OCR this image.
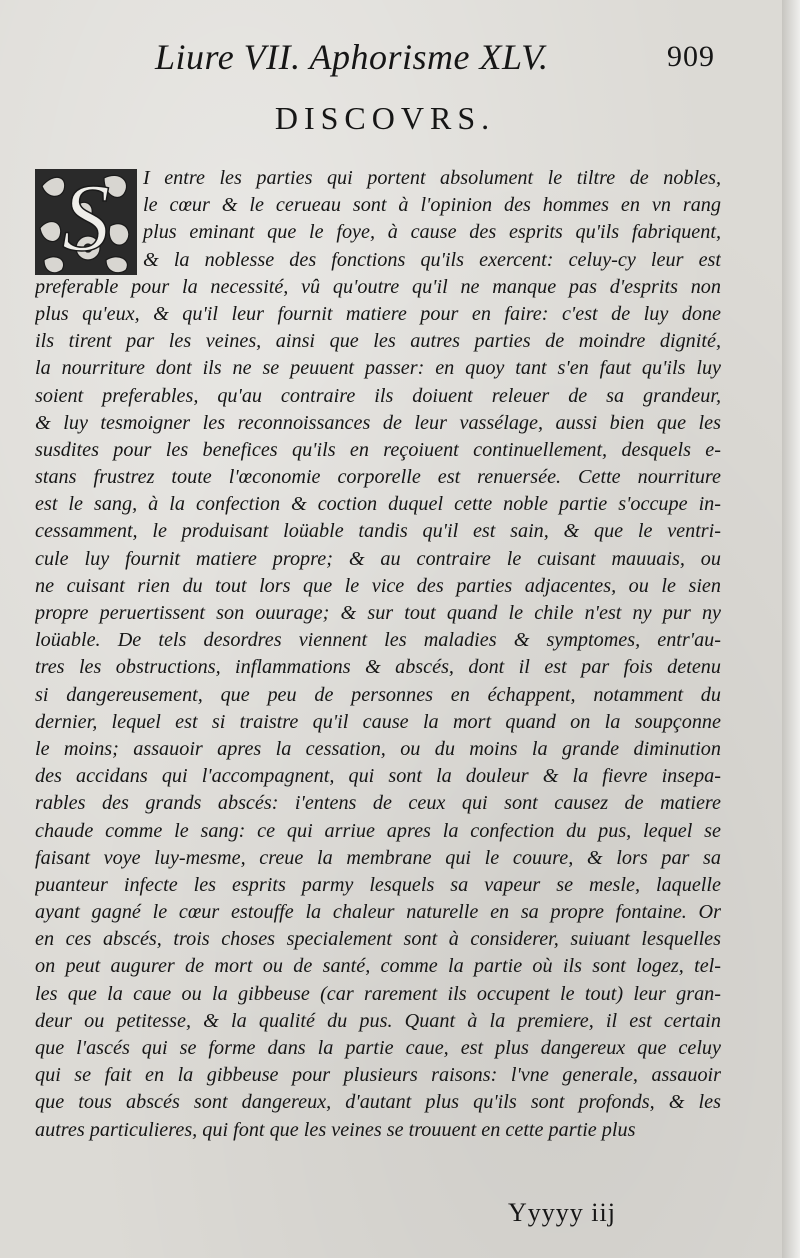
Liure VII. Aphorisme XLV.	909
DISCOVRS.
S	I entre les parties qui portent absolument le tiltre de nobles,
le cœur & le cerueau sont à l'opinion des hommes en vn rang
plus eminant que le foye, à cause des esprits qu'ils fabriquent,
& la noblesse des fonctions qu'ils exercent: celuy-cy leur est
preferable pour la necessité, vû qu'outre qu'il ne manque pas d'esprits non
plus qu'eux, & qu'il leur fournit matiere pour en faire: c'est de luy done
ils tirent par les veines, ainsi que les autres parties de moindre dignité,
la nourriture dont ils ne se peuuent passer: en quoy tant s'en faut qu'ils luy
soient preferables, qu'au contraire ils doiuent releuer de sa grandeur,
& luy tesmoigner les reconnoissances de leur vassélage, aussi bien que les
susdites pour les benefices qu'ils en reçoiuent continuellement, desquels e-
stans frustrez toute l'œconomie corporelle est renuersée. Cette nourriture
est le sang, à la confection & coction duquel cette noble partie s'occupe in-
cessamment, le produisant loüable tandis qu'il est sain, & que le ventri-
cule luy fournit matiere propre; & au contraire le cuisant mauuais, ou
ne cuisant rien du tout lors que le vice des parties adjacentes, ou le sien
propre peruertissent son ouurage; & sur tout quand le chile n'est ny pur ny
loüable. De tels desordres viennent les maladies & symptomes, entr'au-
tres les obstructions, inflammations & abscés, dont il est par fois detenu
si dangereusement, que peu de personnes en échappent, notamment du
dernier, lequel est si traistre qu'il cause la mort quand on la soupçonne
le moins; assauoir apres la cessation, ou du moins la grande diminution
des accidans qui l'accompagnent, qui sont la douleur & la fievre insepa-
rables des grands abscés: i'entens de ceux qui sont causez de matiere
chaude comme le sang: ce qui arriue apres la confection du pus, lequel se
faisant voye luy-mesme, creue la membrane qui le couure, & lors par sa
puanteur infecte les esprits parmy lesquels sa vapeur se mesle, laquelle
ayant gagné le cœur estouffe la chaleur naturelle en sa propre fontaine. Or
en ces abscés, trois choses specialement sont à considerer, suiuant lesquelles
on peut augurer de mort ou de santé, comme la partie où ils sont logez, tel-
les que la caue ou la gibbeuse (car rarement ils occupent le tout) leur gran-
deur ou petitesse, & la qualité du pus. Quant à la premiere, il est certain
que l'ascés qui se forme dans la partie caue, est plus dangereux que celuy
qui se fait en la gibbeuse pour plusieurs raisons: l'vne generale, assauoir
que tous abscés sont dangereux, d'autant plus qu'ils sont profonds, & les
autres particulieres, qui font que les veines se trouuent en cette partie plus
Yyyyy iij
